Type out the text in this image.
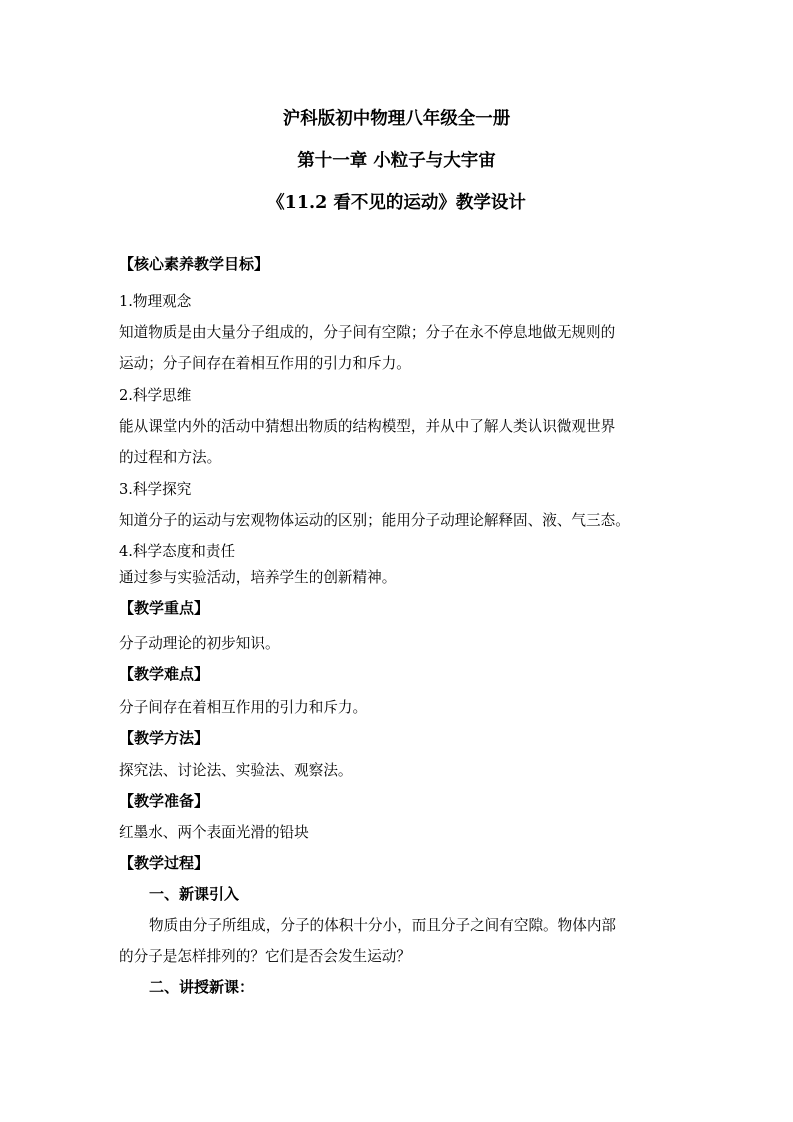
沪科版初中物理八年级全一册
第十一章 小粒子与大宇宙
《11.2 看不见的运动》教学设计
【核心素养教学目标】
1.物理观念
知道物质是由大量分子组成的，分子间有空隙；分子在永不停息地做无规则的
运动；分子间存在着相互作用的引力和斥力。
2.科学思维
能从课堂内外的活动中猜想出物质的结构模型，并从中了解人类认识微观世界
的过程和方法。
3.科学探究
知道分子的运动与宏观物体运动的区别；能用分子动理论解释固、液、气三态。
4.科学态度和责任
通过参与实验活动，培养学生的创新精神。
【教学重点】
分子动理论的初步知识。
【教学难点】
分子间存在着相互作用的引力和斥力。
【教学方法】
探究法、讨论法、实验法、观察法。
【教学准备】
红墨水、两个表面光滑的铅块
【教学过程】
一、新课引入
物质由分子所组成，分子的体积十分小，而且分子之间有空隙。物体内部
的分子是怎样排列的？它们是否会发生运动？
二、讲授新课：
